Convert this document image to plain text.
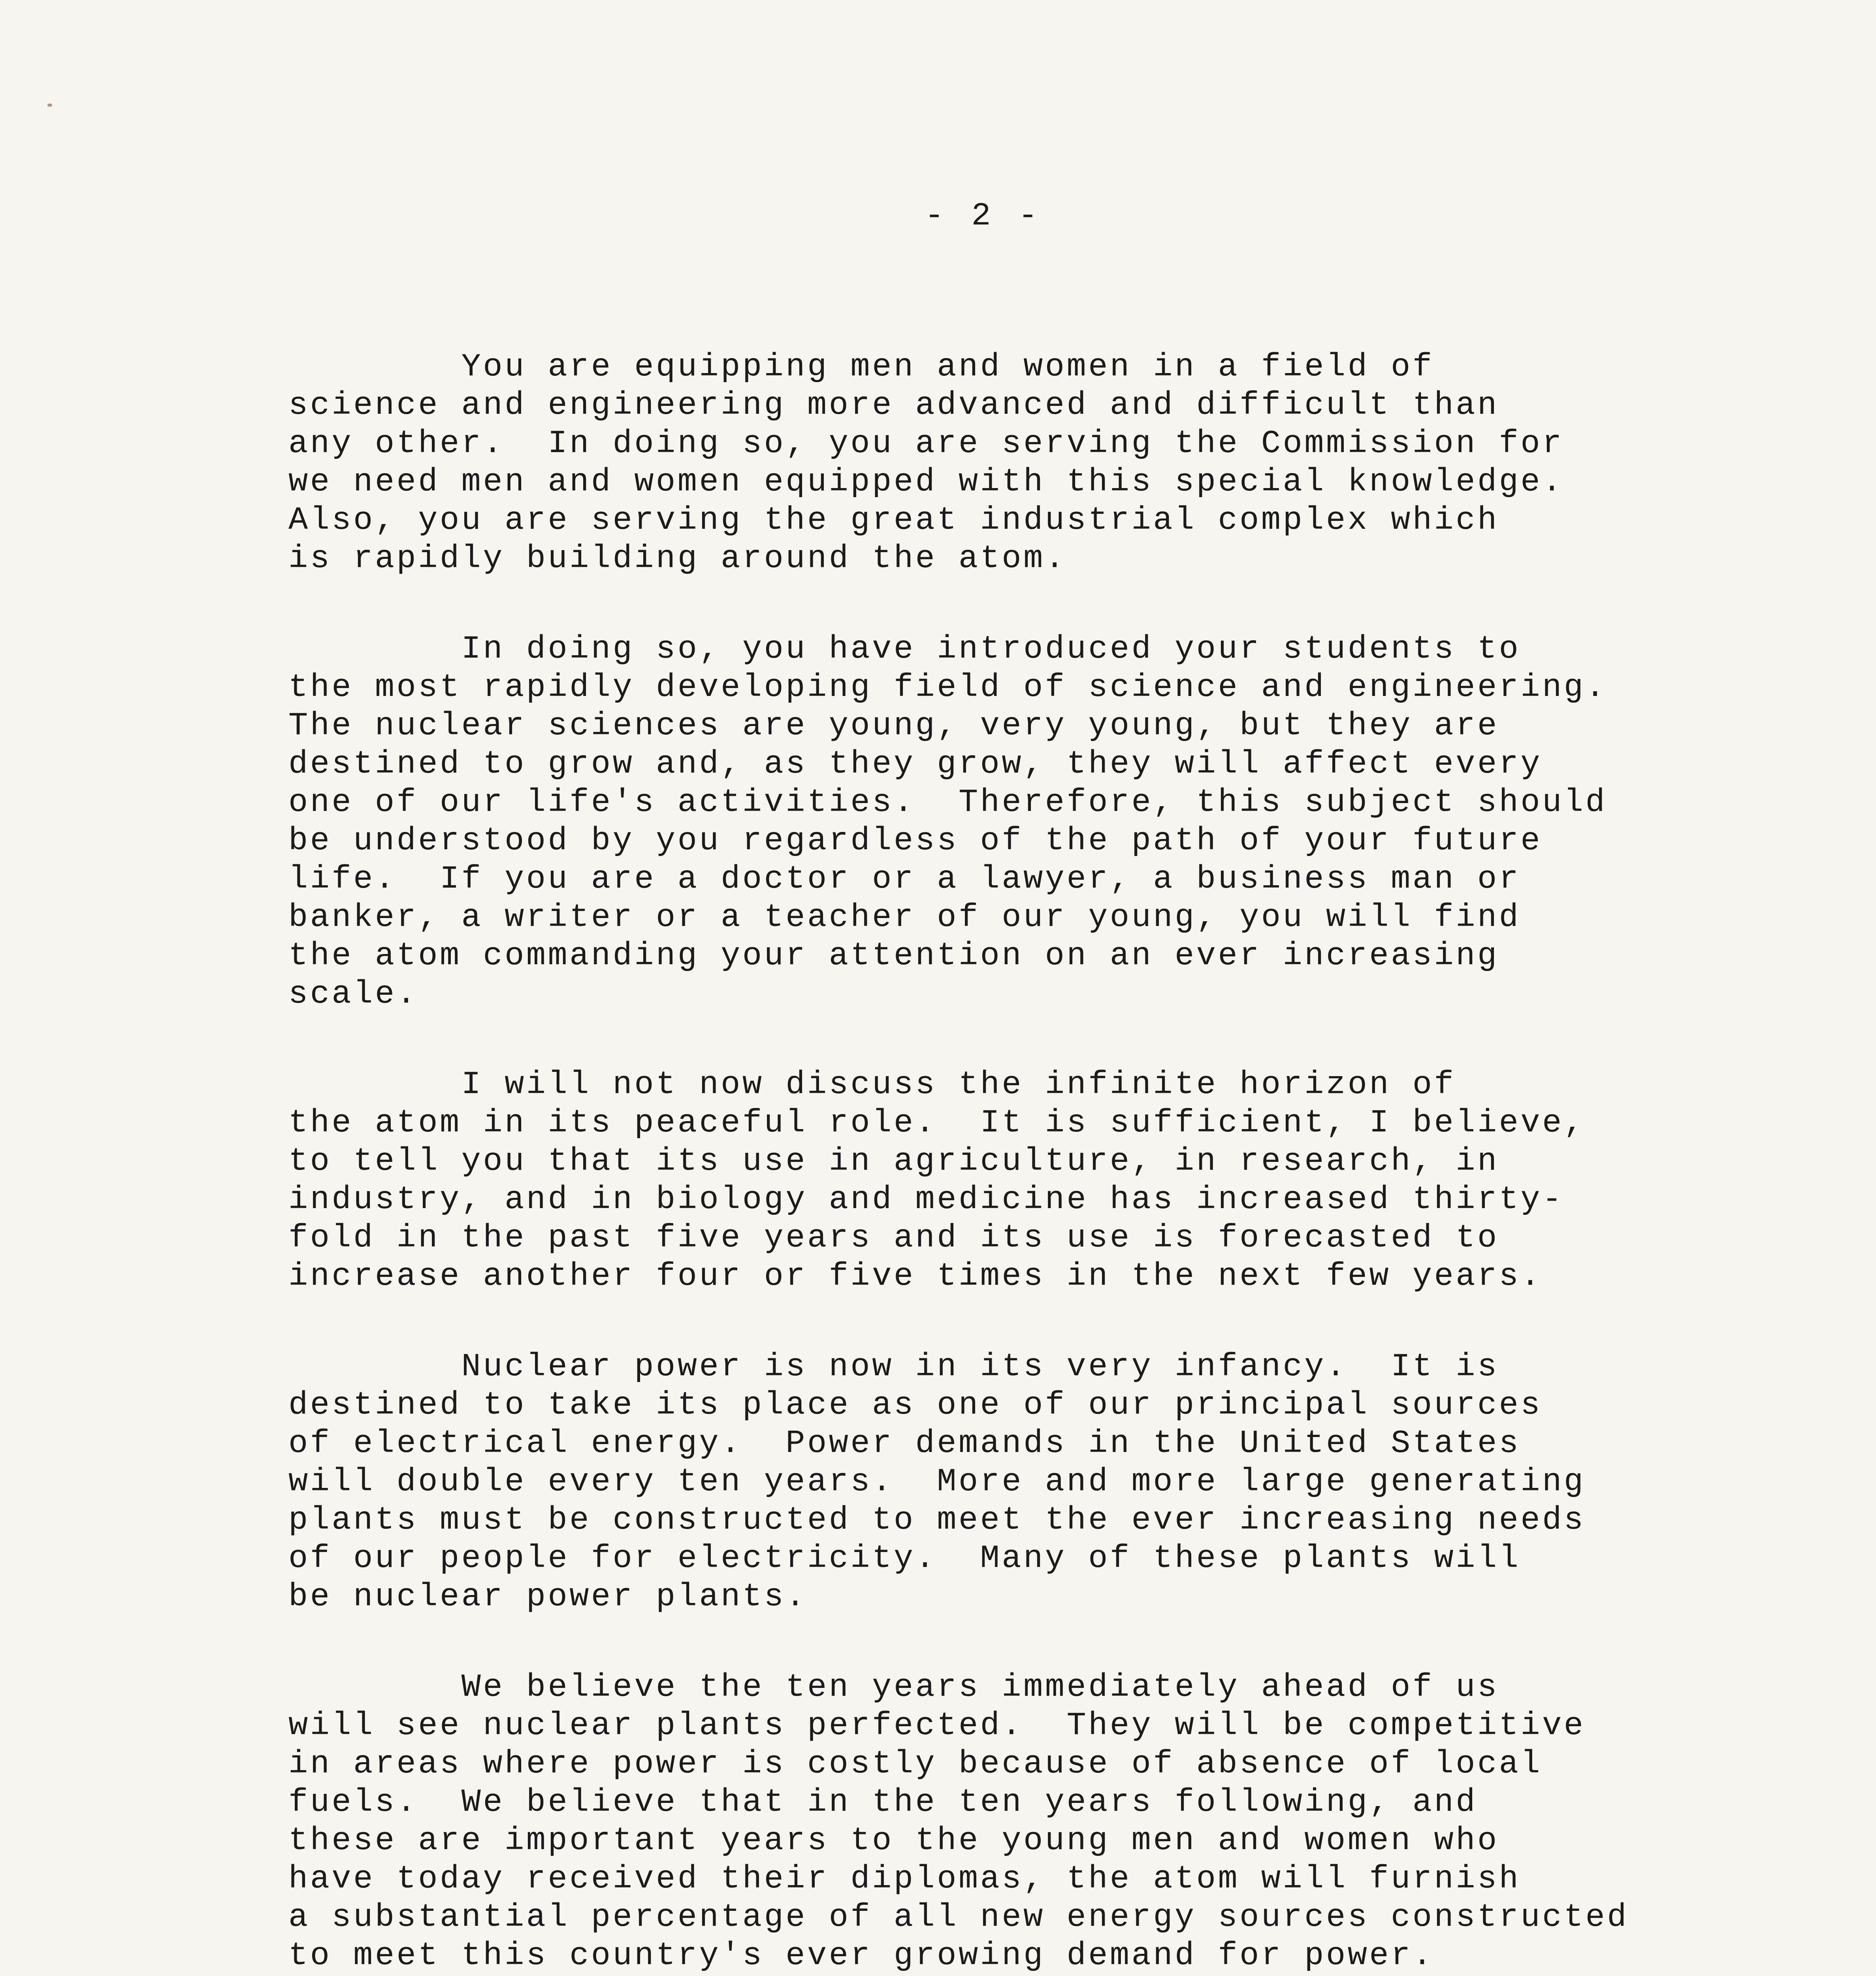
- 2 -

You are equipping men and women in a field of
science and engineering more advanced and difficult than
any other.  In doing so, you are serving the Commission for
we need men and women equipped with this special knowledge.
Also, you are serving the great industrial complex which
is rapidly building around the atom.

In doing so, you have introduced your students to
the most rapidly developing field of science and engineering.
The nuclear sciences are young, very young, but they are
destined to grow and, as they grow, they will affect every
one of our life's activities.  Therefore, this subject should
be understood by you regardless of the path of your future
life.  If you are a doctor or a lawyer, a business man or
banker, a writer or a teacher of our young, you will find
the atom commanding your attention on an ever increasing
scale.

I will not now discuss the infinite horizon of
the atom in its peaceful role.  It is sufficient, I believe,
to tell you that its use in agriculture, in research, in
industry, and in biology and medicine has increased thirty-
fold in the past five years and its use is forecasted to
increase another four or five times in the next few years.

Nuclear power is now in its very infancy.  It is
destined to take its place as one of our principal sources
of electrical energy.  Power demands in the United States
will double every ten years.  More and more large generating
plants must be constructed to meet the ever increasing needs
of our people for electricity.  Many of these plants will
be nuclear power plants.

We believe the ten years immediately ahead of us
will see nuclear plants perfected.  They will be competitive
in areas where power is costly because of absence of local
fuels.  We believe that in the ten years following, and
these are important years to the young men and women who
have today received their diplomas, the atom will furnish
a substantial percentage of all new energy sources constructed
to meet this country's ever growing demand for power.
